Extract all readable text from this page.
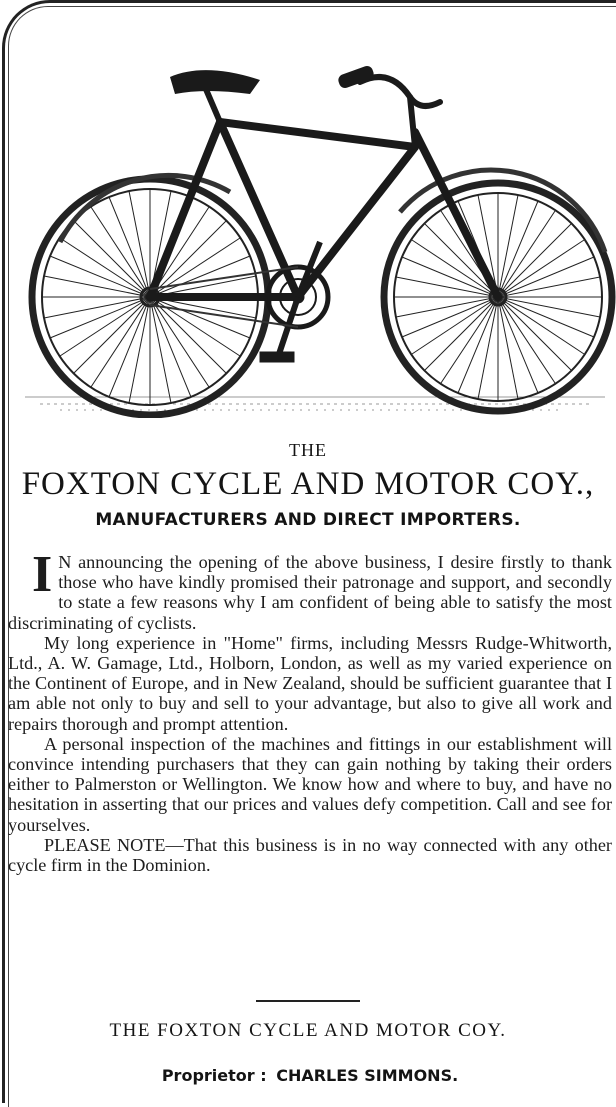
THE
FOXTON CYCLE AND MOTOR COY.,
MANUFACTURERS AND DIRECT IMPORTERS.

I N announcing the opening of the above business, I desire firstly to thank those who have kindly promised their patronage and support, and secondly to state a few reasons why I am confident of being able to satisfy the most discriminating of cyclists.

My long experience in "Home" firms, including Messrs Rudge-Whitworth, Ltd., A. W. Gamage, Ltd., Holborn, London, as well as my varied experience on the Continent of Europe, and in New Zealand, should be sufficient guarantee that I am able not only to buy and sell to your advantage, but also to give all work and repairs thorough and prompt attention.

A personal inspection of the machines and fittings in our establishment will convince intending purchasers that they can gain nothing by taking their orders either to Palmerston or Wellington. We know how and where to buy, and have no hesitation in asserting that our prices and values defy competition. Call and see for yourselves.

PLEASE NOTE—That this business is in no way connected with any other cycle firm in the Dominion.

THE FOXTON CYCLE AND MOTOR COY.
Proprietor : CHARLES SIMMONS.
